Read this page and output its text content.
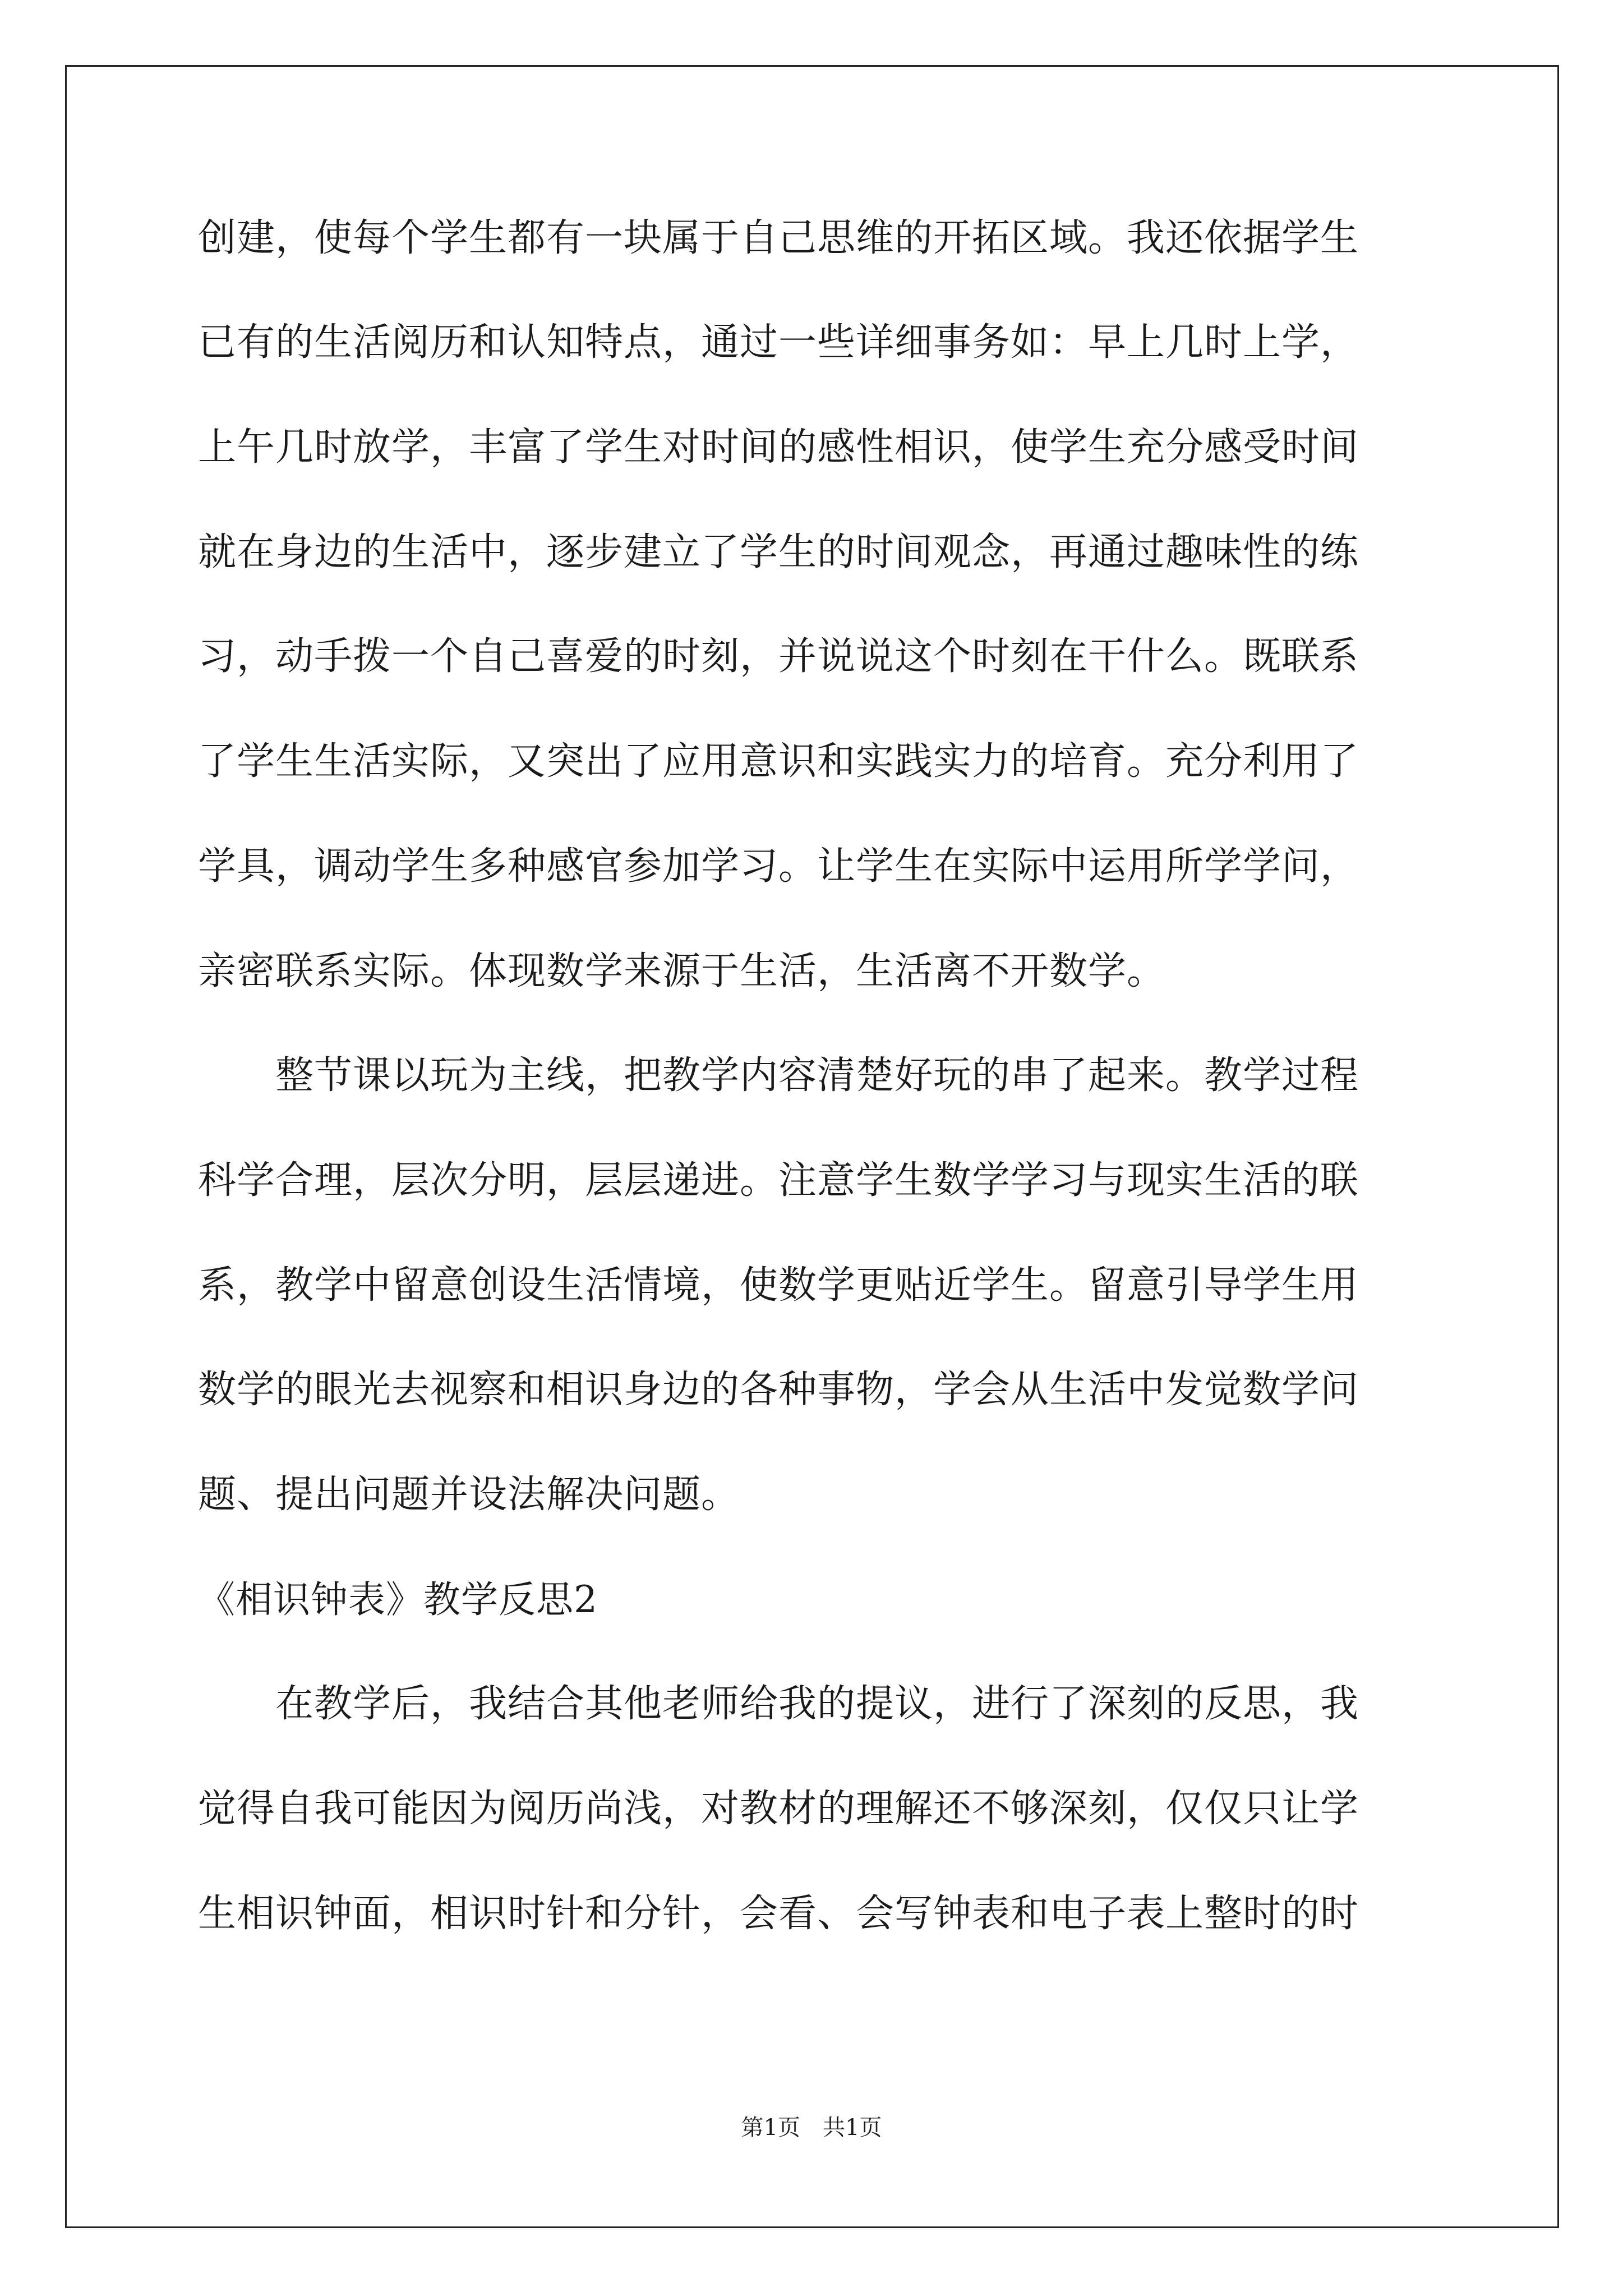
创建，使每个学生都有一块属于自己思维的开拓区域。我还依据学生
已有的生活阅历和认知特点，通过一些详细事务如：早上几时上学，
上午几时放学，丰富了学生对时间的感性相识，使学生充分感受时间
就在身边的生活中，逐步建立了学生的时间观念，再通过趣味性的练
习，动手拨一个自己喜爱的时刻，并说说这个时刻在干什么。既联系
了学生生活实际，又突出了应用意识和实践实力的培育。充分利用了
学具，调动学生多种感官参加学习。让学生在实际中运用所学学问，
亲密联系实际。体现数学来源于生活，生活离不开数学。
　　整节课以玩为主线，把教学内容清楚好玩的串了起来。教学过程
科学合理，层次分明，层层递进。注意学生数学学习与现实生活的联
系，教学中留意创设生活情境，使数学更贴近学生。留意引导学生用
数学的眼光去视察和相识身边的各种事物，学会从生活中发觉数学问
题、提出问题并设法解决问题。
《相识钟表》教学反思2
　　在教学后，我结合其他老师给我的提议，进行了深刻的反思，我
觉得自我可能因为阅历尚浅，对教材的理解还不够深刻，仅仅只让学
生相识钟面，相识时针和分针，会看、会写钟表和电子表上整时的时
第1页　共1页
